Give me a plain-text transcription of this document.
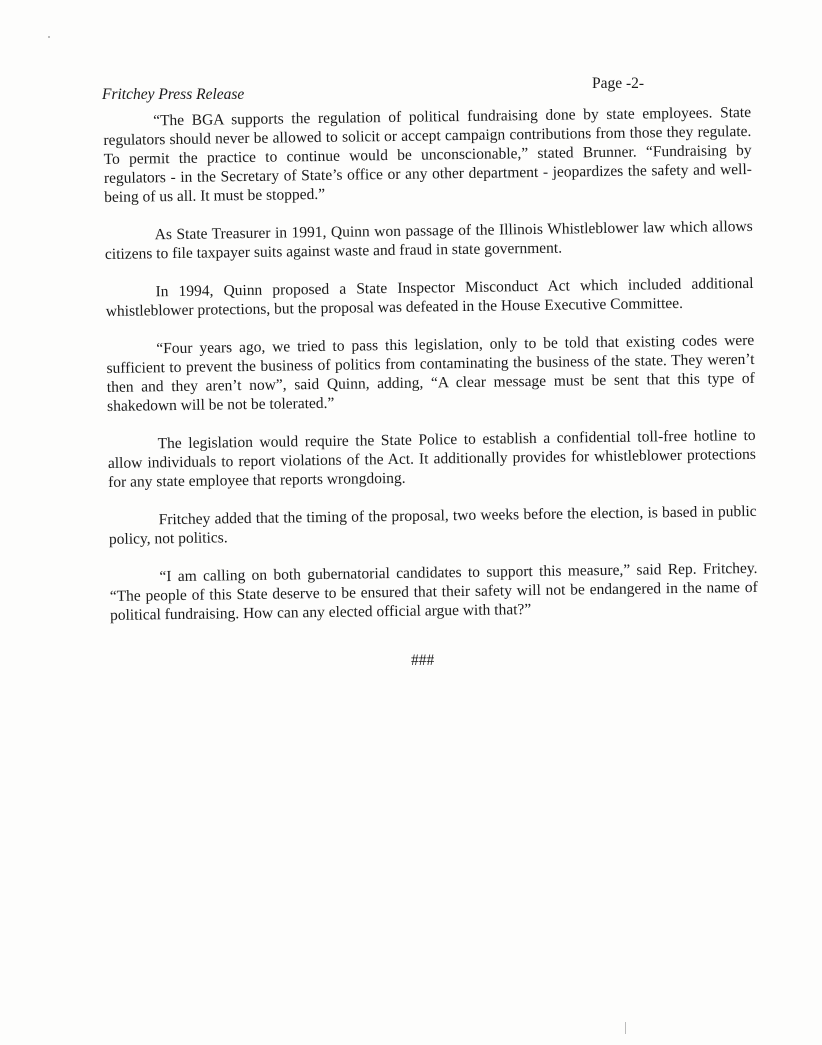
Fritchey Press Release
Page -2-

“The BGA supports the regulation of political fundraising done by state employees. State regulators should never be allowed to solicit or accept campaign contributions from those they regulate. To permit the practice to continue would be unconscionable,” stated Brunner. “Fundraising by regulators - in the Secretary of State’s office or any other department - jeopardizes the safety and well-being of us all. It must be stopped.”

As State Treasurer in 1991, Quinn won passage of the Illinois Whistleblower law which allows citizens to file taxpayer suits against waste and fraud in state government.

In 1994, Quinn proposed a State Inspector Misconduct Act which included additional whistleblower protections, but the proposal was defeated in the House Executive Committee.

“Four years ago, we tried to pass this legislation, only to be told that existing codes were sufficient to prevent the business of politics from contaminating the business of the state. They weren’t then and they aren’t now”, said Quinn, adding, “A clear message must be sent that this type of shakedown will be not be tolerated.”

The legislation would require the State Police to establish a confidential toll-free hotline to allow individuals to report violations of the Act. It additionally provides for whistleblower protections for any state employee that reports wrongdoing.

Fritchey added that the timing of the proposal, two weeks before the election, is based in public policy, not politics.

“I am calling on both gubernatorial candidates to support this measure,” said Rep. Fritchey. “The people of this State deserve to be ensured that their safety will not be endangered in the name of political fundraising. How can any elected official argue with that?”

###
